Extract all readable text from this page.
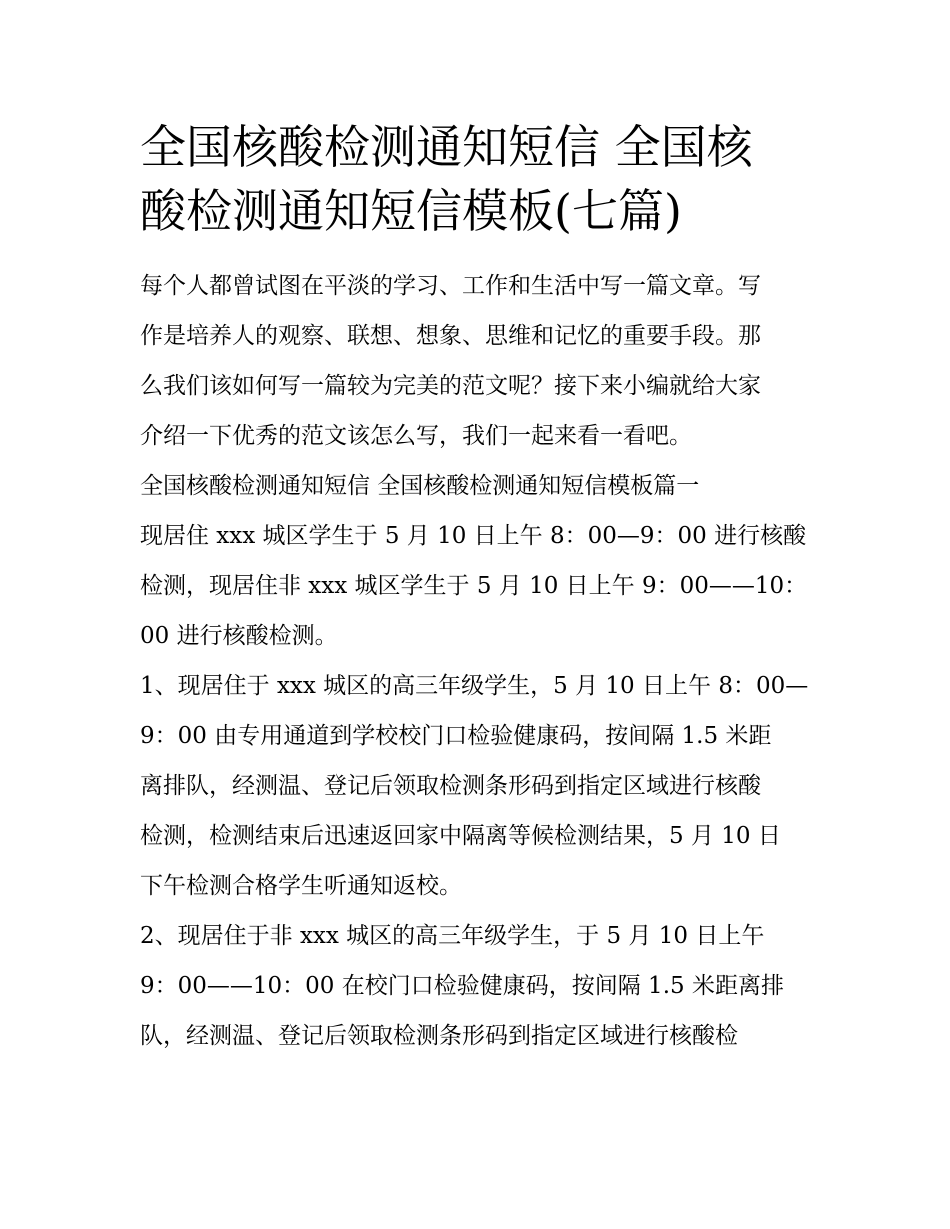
全国核酸检测通知短信 全国核
酸检测通知短信模板(七篇)
每个人都曾试图在平淡的学习、工作和生活中写一篇文章。写
作是培养人的观察、联想、想象、思维和记忆的重要手段。那
么我们该如何写一篇较为完美的范文呢？接下来小编就给大家
介绍一下优秀的范文该怎么写，我们一起来看一看吧。
全国核酸检测通知短信 全国核酸检测通知短信模板篇一
现居住 xxx 城区学生于 5 月 10 日上午 8：00—9：00 进行核酸
检测，现居住非 xxx 城区学生于 5 月 10 日上午 9：00——10：
00 进行核酸检测。
1、现居住于 xxx 城区的高三年级学生，5 月 10 日上午 8：00—
9：00 由专用通道到学校校门口检验健康码，按间隔 1.5 米距
离排队，经测温、登记后领取检测条形码到指定区域进行核酸
检测，检测结束后迅速返回家中隔离等候检测结果，5 月 10 日
下午检测合格学生听通知返校。
2、现居住于非 xxx 城区的高三年级学生，于 5 月 10 日上午
9：00——10：00 在校门口检验健康码，按间隔 1.5 米距离排
队，经测温、登记后领取检测条形码到指定区域进行核酸检
